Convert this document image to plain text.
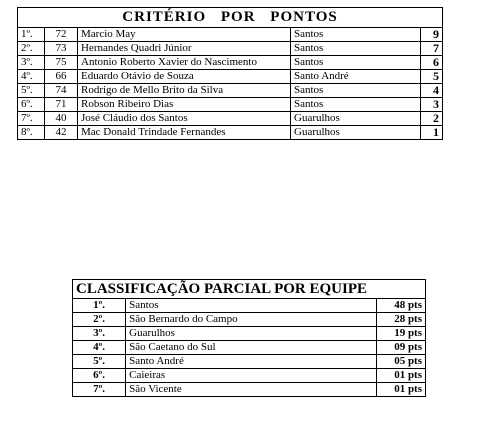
CRITÉRIO POR PONTOS				
1º.	72	Marcio May	Santos	9
2º.	73	Hernandes Quadri Júnior	Santos	7
3º.	75	Antonio Roberto Xavier do Nascimento	Santos	6
4º.	66	Eduardo Otávio de Souza	Santo André	5
5º.	74	Rodrigo de Mello Brito da Silva	Santos	4
6º.	71	Robson Ribeiro Dias	Santos	3
7º.	40	José Cláudio dos Santos	Guarulhos	2
8º.	42	Mac Donald Trindade Fernandes	Guarulhos	1
CLASSIFICAÇÃO PARCIAL POR EQUIPE		
1º.	Santos	48 pts
2º.	São Bernardo do Campo	28 pts
3º.	Guarulhos	19 pts
4º.	São Caetano do Sul	09 pts
5º.	Santo André	05 pts
6º.	Caieiras	01 pts
7º.	São Vicente	01 pts
